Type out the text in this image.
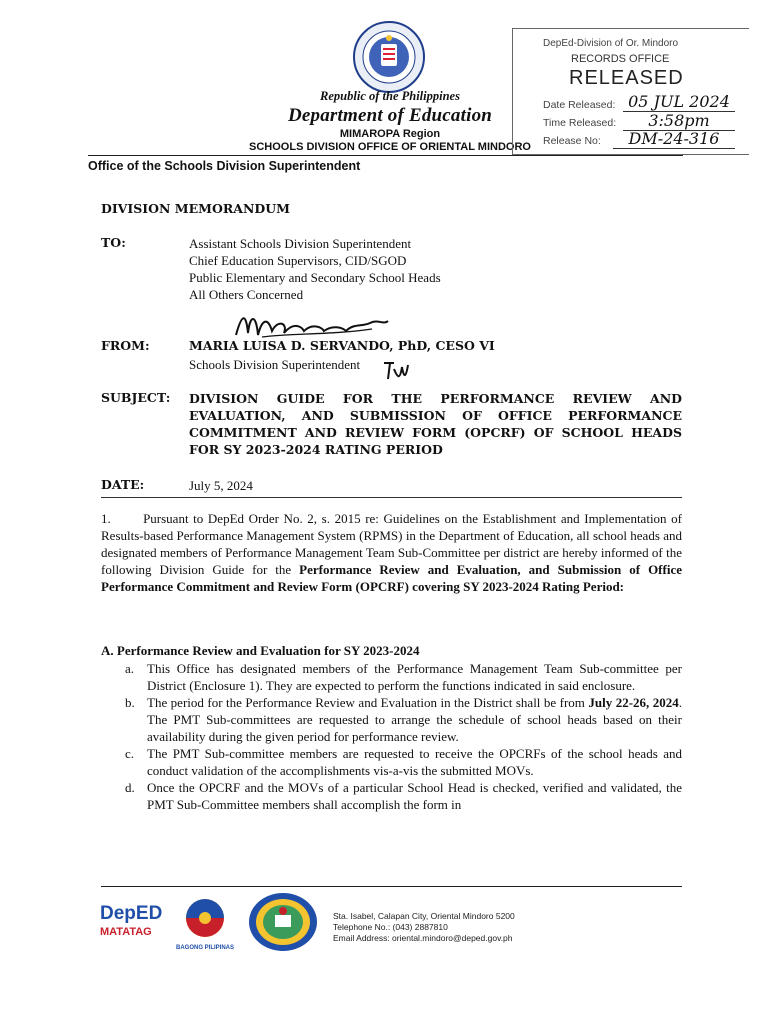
Republic of the Philippines
Department of Education
MIMAROPA Region
SCHOOLS DIVISION OFFICE OF ORIENTAL MINDORO
Office of the Schools Division Superintendent
DepEd-Division of Or. Mindoro
RECORDS OFFICE
RELEASED
Date Released: 05 JUL 2024
Time Released:	3:58pm
Release No:	DM-24-316
DIVISION MEMORANDUM
TO:	Assistant Schools Division Superintendent
Chief Education Supervisors, CID/SGOD
Public Elementary and Secondary School Heads
All Others Concerned
FROM:	MARIA LUISA D. SERVANDO, PhD, CESO VI
Schools Division Superintendent
SUBJECT: DIVISION GUIDE FOR THE PERFORMANCE REVIEW AND EVALUATION, AND SUBMISSION OF OFFICE PERFORMANCE COMMITMENT AND REVIEW FORM (OPCRF) OF SCHOOL HEADS FOR SY 2023-2024 RATING PERIOD
DATE:	July 5, 2024
1. Pursuant to DepEd Order No. 2, s. 2015 re: Guidelines on the Establishment and Implementation of Results-based Performance Management System (RPMS) in the Department of Education, all school heads and designated members of Performance Management Team Sub-Committee per district are hereby informed of the following Division Guide for the Performance Review and Evaluation, and Submission of Office Performance Commitment and Review Form (OPCRF) covering SY 2023-2024 Rating Period:
A. Performance Review and Evaluation for SY 2023-2024
a. This Office has designated members of the Performance Management Team Sub-committee per District (Enclosure 1). They are expected to perform the functions indicated in said enclosure.
b. The period for the Performance Review and Evaluation in the District shall be from July 22-26, 2024. The PMT Sub-committees are requested to arrange the schedule of school heads based on their availability during the given period for performance review.
c. The PMT Sub-committee members are requested to receive the OPCRFs of the school heads and conduct validation of the accomplishments vis-a-vis the submitted MOVs.
d. Once the OPCRF and the MOVs of a particular School Head is checked, verified and validated, the PMT Sub-Committee members shall accomplish the form in
DepED
MATATAG
BAGONG PILIPINAS
Sta. Isabel, Calapan City, Oriental Mindoro 5200
Telephone No.: (043) 2887810
Email Address: oriental.mindoro@deped.gov.ph
